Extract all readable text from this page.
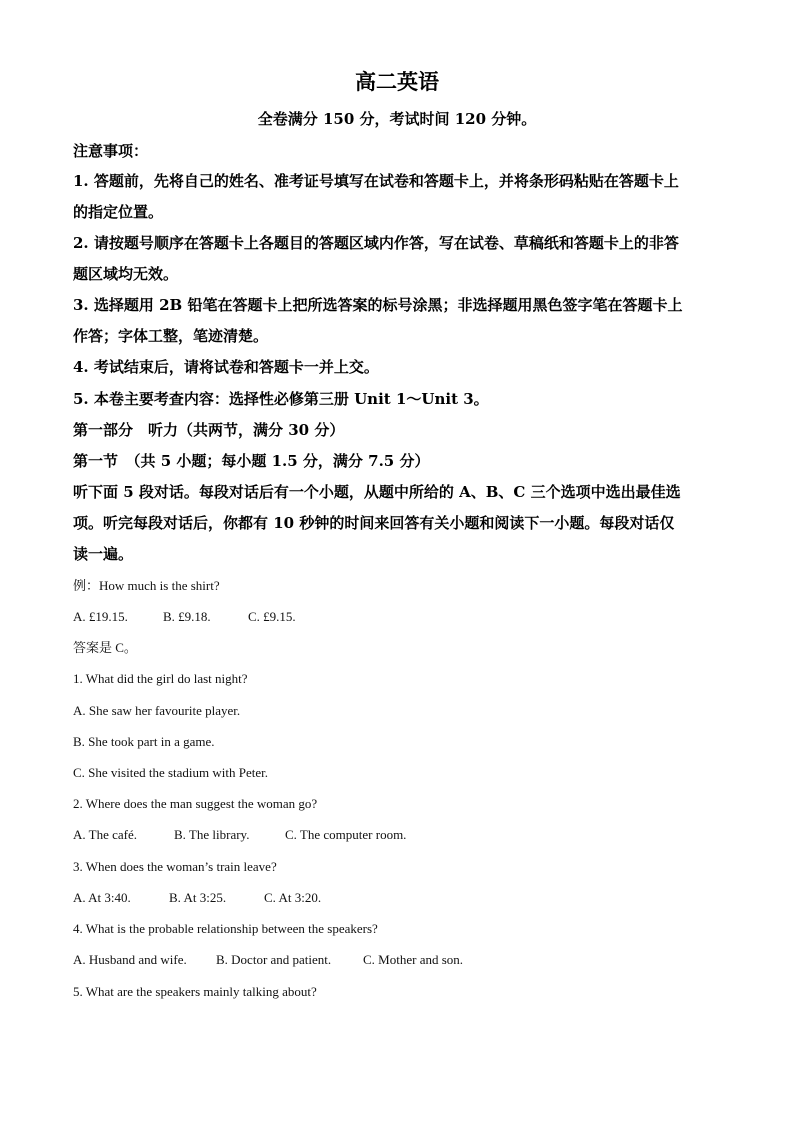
高二英语
全卷满分 150 分，考试时间 120 分钟。
注意事项：
1. 答题前，先将自己的姓名、准考证号填写在试卷和答题卡上，并将条形码粘贴在答题卡上
的指定位置。
2. 请按题号顺序在答题卡上各题目的答题区域内作答，写在试卷、草稿纸和答题卡上的非答
题区域均无效。
3. 选择题用 2B 铅笔在答题卡上把所选答案的标号涂黑；非选择题用黑色签字笔在答题卡上
作答；字体工整，笔迹清楚。
4. 考试结束后，请将试卷和答题卡一并上交。
5. 本卷主要考查内容：选择性必修第三册 Unit 1～Unit 3。
第一部分　听力（共两节，满分 30 分）
第一节　（共 5 小题；每小题 1.5 分，满分 7.5 分）
听下面 5 段对话。每段对话后有一个小题，从题中所给的 A、B、C 三个选项中选出最佳选
项。听完每段对话后，你都有 10 秒钟的时间来回答有关小题和阅读下一小题。每段对话仅
读一遍。
例：How much is the shirt?
A. £19.15.	B. £9.18.	C. £9.15.
答案是 C。
1. What did the girl do last night?
A. She saw her favourite player.
B. She took part in a game.
C. She visited the stadium with Peter.
2. Where does the man suggest the woman go?
A. The café.	B. The library.	C. The computer room.
3. When does the woman’s train leave?
A. At 3:40.	B. At 3:25.	C. At 3:20.
4. What is the probable relationship between the speakers?
A. Husband and wife. B. Doctor and patient. C. Mother and son.
5. What are the speakers mainly talking about?
